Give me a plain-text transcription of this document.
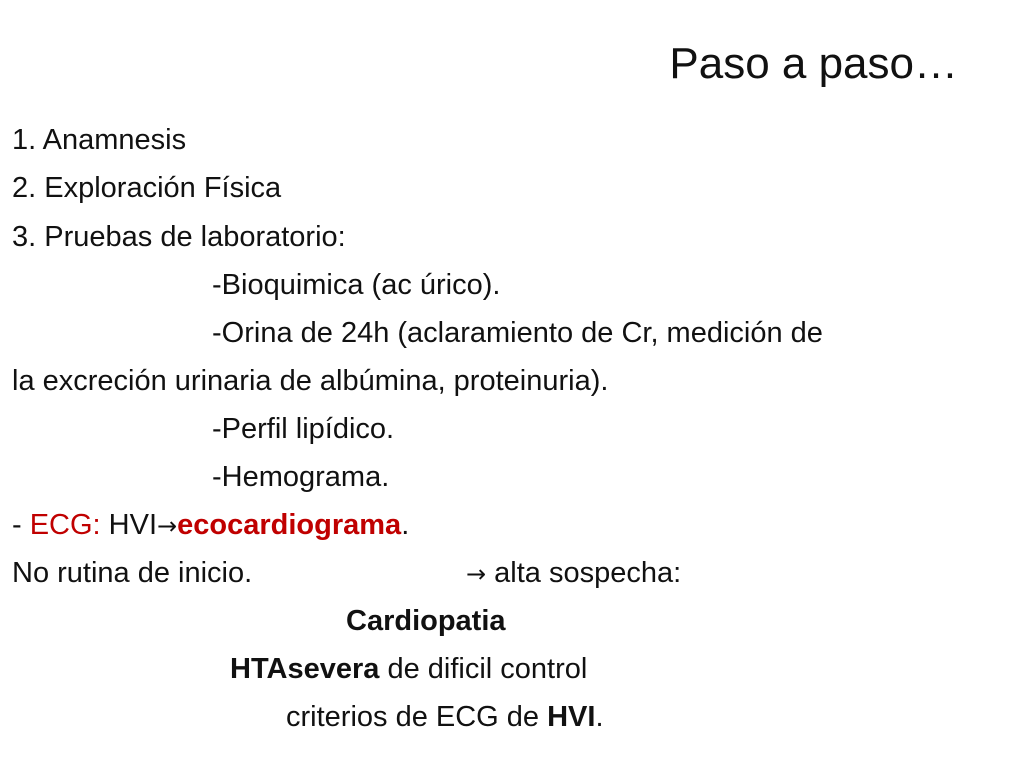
Paso a paso…
1. Anamnesis
2. Exploración Física
3. Pruebas de laboratorio:
-Bioquimica (ac úrico).
-Orina de 24h (aclaramiento de Cr, medición de
la excreción urinaria de albúmina, proteinuria).
-Perfil lipídico.
-Hemograma.
- ECG: HVI→ecocardiograma.
No rutina de inicio.	→ alta sospecha:
Cardiopatia
HTAsevera de dificil control
criterios de ECG de HVI.
